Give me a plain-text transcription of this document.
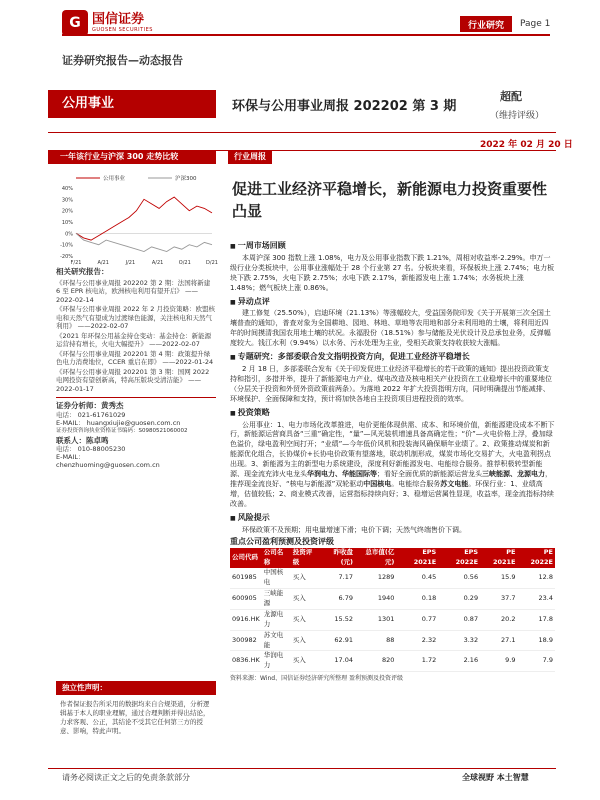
G 国信证券
GUOSEN SECURITIES	行业研究	Page 1
证券研究报告—动态报告
公用事业	环保与公用事业周报 202202 第 3 期
超配
（维持评级）
2022 年 02 月 20 日
一年该行业与沪深 300 走势比较	行业周报
公用事业	沪深300
40%
30%
20%
10%
0%
-10%
-20%
F/21	A/21	J/21	A/21	O/21	D/21
相关研究报告：
《环保与公用事业周报 202202 第 2 期：法国将新建 6 至 EPR 核电站，欧洲核电利用有望开启》 ——2022-02-14
《环保与公用事业周报 2022 年 2 月投资策略：欧盟核电和天然气有望成为过渡绿色能源，关注核电和天然气利用》 ——2022-02-07
《2021 年环保公用基金持仓变动：基金持仓：新能源运营持有增长，火电大幅提升》 ——2022-02-07
《环保与公用事业周报 202201 第 4 期：政策提升绿色电力消费地位，CCER 重启在即》 ——2022-01-24
《环保与公用事业周报 202201 第 3 期：国网 2022 电网投资有望创新高，特高压版块受清洁能》 ——2022-01-17
证券分析师：黄秀杰
电话： 021-61761029
E-MAIL： huangxiujie@guosen.com.cn
证券投资咨询执业资格证书编码：S0980521060002
联系人：陈卓鸣
电话： 010-88005230
E-MAIL：
chenzhuoming@guosen.com.cn
独立性声明：
作者保证报告所采用的数据均来自合规渠道，分析逻辑基于本人的职业理解，通过合理判断并得出结论，力求客观、公正，其结论不受其它任何第三方的授意、影响，特此声明。
促进工业经济平稳增长，新能源电力投资重要性凸显
■ 一周市场回顾
本周沪深 300 指数上涨 1.08%，电力及公用事业指数下跌 1.21%，周相对收益率-2.29%。申万一级行业分类板块中，公用事业涨幅处于 28 个行业第 27 名。分板块来看，环保板块上涨 2.74%；电力板块下跌 2.75%，火电下跌 2.75%；水电下跌 2.17%，新能源发电上涨 1.74%；水务板块上涨 1.48%；燃气板块上涨 0.86%。
■ 异动点评
建工修复（25.50%），启迪环境（21.13%）等涨幅较大，受益国务院印发《关于开展第三次全国土壤普查的通知》，普查对象为全国耕地、园地、林地、草地等农用地和部分未利用地的土壤，将利用近四年的时间摸清我国农用地土壤的状况。永福股份（18.51%）参与储能及光伏设计及总承包业务，反弹幅度较大。钱江水利（9.94%）以水务、污水处理为主业，受相关政策支持收获较大涨幅。
■ 专题研究：多部委联合发文指明投资方向，促进工业经济平稳增长
2 月 18 日，多部委联合发布《关于印发促进工业经济平稳增长的若干政策的通知》提出投资政策支持和指引，多措并举，提升了新能源电力产业、煤电改造及核电相关产业投资在工业稳增长中的重要地位（分层关于投资和外贸外资政策前两条）。为落地 2022 年扩大投资指明方向，同时明确提出节能减排、环境保护、全面保障和支持，预计将加快各地自主投资项目进程投资的效率。
■ 投资策略
公用事业：1、电力市场化改革推进，电价更能体现供需、成本、和环境价值，新能源建设成本不断下行，新能源运营商具备“三重”确定性，“量”—风光装机增速具备高确定性；“价”—火电价格上浮，叠加绿色溢价，绿电盈利空间打开；“业绩”—今年低价风机和投装海风确保顺年业绩了。2、政策推动煤炭和新能源优化组合，长协煤价+长协电价政策有望落地，联动机制形成，煤炭市场化交易扩大，火电盈利拐点出现。3、新能源为主的新型电力系统建设，深度利好新能源发电、电能综合服务。推荐积极转型新能源、现金流充沛火电龙头华润电力、华能国际等；看好全面优质的新能源运营龙头三峡能源、龙源电力，推荐现金流良好、“核电与新能源”双轮驱动中国核电。电能综合服务苏文电能。环保行业：1、业绩高增，估值较低；2、商业模式改善，运营指标持续向好；3、稳增运营属性显现，收益率，现金流指标持续改善。
■ 风险提示
环保政策不及预期；用电量增速下滑；电价下调；天然气终端售价下调。
重点公司盈利预测及投资评级
公司代码	公司名称	投资评级	昨收盘(元)	总市值(亿元)	EPS 2021E	EPS 2022E	PE 2021E	PE 2022E
601985	中国核电	买入	7.17	1289	0.45	0.56	15.9	12.8
600905	三峡能源	买入	6.79	1940	0.18	0.29	37.7	23.4
0916.HK	龙源电力	买入	15.52	1301	0.77	0.87	20.2	17.8
300982	苏文电能	买入	62.91	88	2.32	3.32	27.1	18.9
0836.HK	华润电力	买入	17.04	820	1.72	2.16	9.9	7.9
资料来源：Wind、国信证券经济研究所整理 盈利预测及投资评级
请务必阅读正文之后的免责条款部分	全球视野 本土智慧
